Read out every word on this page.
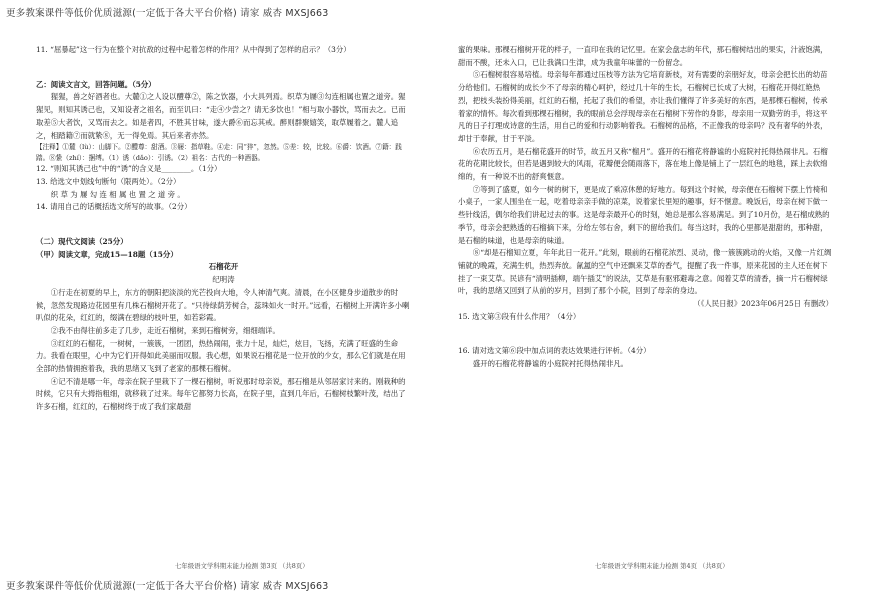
更多教案课件等低价优质滋源(一定低于各大平台价格) 请家 威杏 MXSJ663

11. “屈暴起”这一行为在整个对抗敌的过程中起着怎样的作用？从中得到了怎样的启示？（3分）

乙：阅读文言文，回答问题。（5分）

猩猩，兽之好酒者也。大麓①之人设以醴尊②，陈之饮器，小大具列焉。织草为屦③勾连相属也置之道旁。猩猩见，则知其诱己也，又知设者之祖名，而至讥曰：“走④少尝之？请无多饮也！”相与取小器饮，骂而去之。已而取差⑤大者饮，又骂而去之。如是者四，不胜其甘味，遂大爵⑥而忘其戒。醉则群聚嬉笑，取草履着之。麓人追之，相踏籍⑦而就絷⑧，无一得免焉。其后来者亦然。

【注释】①麓（lù）：山脚下。②醴尊：甜酒。③屦：指草鞋。④走：同“猝”，忽然。⑤差：较，比较。⑥爵：饮酒。⑦籍：践踏。⑧絷（zhí）：捆缚。（1）诱（dǎo）：引诱。（2）祖名：古代的一种酒器。

12. “则知其诱己也”中的“诱”的含义是________。（1分）

13. 给选文中划线句断句（限两处）。（2分）

织 草 为 屦 勾 连 相 属 也 置 之 道 旁 。

14. 请用自己的话概括选文所写的故事。（2分）

（二）现代文阅读（25分）

（甲）阅读文章，完成15—18题（15分）

石榴花开

纪明涛

①行走在初夏的早上，东方的朝阳把淡淡的光芒投向大地，令人神清气爽。清晨，在小区健身步道散步的时候，忽然发现路边花园里有几株石榴树开花了。“只待绿荫芳树合，蕊珠如火一时开。”远看，石榴树上开满许多小喇叭似的花朵，红红的，缀满在碧绿的枝叶里，如若彩霞。

②我不由得往前多走了几步，走近石榴树，来到石榴树旁，细细端详。

③红红的石榴花，一树树，一簇簇，一团团，热热闹闹，张力十足，灿烂，炫目，飞扬，充满了旺盛的生命力。我看在眼里，心中为它们开得如此美丽而叹服。我心想，如果说石榴花是一位开放的少女，那么它们就是在用全部的热情拥抱着我，我的思绪又飞到了老家的那棵石榴树。

④记不清是哪一年，母亲在院子里栽下了一棵石榴树，听说那时母亲说，那石榴是从邻居家讨来的。刚栽种的时候，它只有大拇指粗细，就移栽了过来。每年它都努力长高，在院子里，直到几年后，石榴树枝繁叶茂，结出了许多石榴，红红的，石榴树终于成了我们家最甜

蜜的果味。那棵石榴树开花的样子，一直印在我的记忆里。在家会盘志的年代，那石榴树结出的果实，汁液饱满，甜而不酸，还未入口，已让我满口生津，成为我童年味蕾的一份留念。

⑤石榴树很容易培植。母亲每年都通过压枝等方法为它培育新枝，对有需要的亲朋好友，母亲会把长出的幼苗分给他们。石榴树的成长少不了母亲的精心呵护，经过几十年的生长，石榴树已长成了大树，石榴花开得红艳热烈，把枝头装扮得美丽，红红的石榴，托起了我们的希望，亦让我们懂得了许多美好的东西，是那棵石榴树，传承着家的情怀。每次看到那棵石榴树，我的眼前总会浮现母亲在石榴树下劳作的身影，母亲用一双勤劳的手，将这平凡的日子打理成诗意的生活，用自己的爱和行动影响着我。石榴树的品格，不正像我的母亲吗？没有奢华的外表，却甘于奉献，甘于平淡。

⑥农历五月，是石榴花盛开的时节，故五月又称“榴月”。盛开的石榴花将静谧的小庭院衬托得热闹非凡。石榴花的花期比较长，但若是遇到较大的风雨，花瓣便会随雨落下，落在地上像是铺上了一层红色的地毯，踩上去软绵绵的，有一种说不出的舒爽惬意。

⑦等到了盛夏，如今一树的树下，更是成了乘凉休憩的好地方。每到这个时候，母亲便在石榴树下摆上竹椅和小桌子，一家人围坐在一起，吃着母亲亲手做的凉菜，说着家长里短的趣事，好不惬意。晚饭后，母亲在树下做一些针线活，偶尔给我们讲起过去的事。这是母亲最开心的时刻，她总是那么容易满足。到了10月份，是石榴成熟的季节，母亲会把熟透的石榴摘下来，分给左邻右舍，剩下的留给我们。每当这时，我的心里都是甜甜的，那种甜，是石榴的味道，也是母亲的味道。

⑧“却是石榴知立夏，年年此日一花开。”此刻，眼前的石榴花浓烈、灵动，像一簇簇跳动的火焰，又像一片红绸铺就的晚霞，充满生机，热烈奔放。氤氲的空气中还飘来艾草的香气，提醒了我一件事，原来花园的主人还在树下挂了一束艾草。民谚有“清明插柳，端午插艾”的说法，艾草是有驱邪避毒之意。闻着艾草的清香，摘一片石榴树绿叶，我的思绪又回到了从前的岁月，回到了那个小院，回到了母亲的身边。

（《人民日报》2023年06月25日 有删改）

15. 选文第③段有什么作用？（4分）

16. 请对选文第⑥段中加点词的表达效果进行评析。（4分）

盛开的石榴花将静谧的小庭院衬托得热闹非凡。

七年级语文学科期末能力检测 第3页 （共8页）	七年级语文学科期末能力检测 第4页 （共8页）
更多教案课件等低价优质滋源(一定低于各大平台价格) 请家 威杏 MXSJ663
